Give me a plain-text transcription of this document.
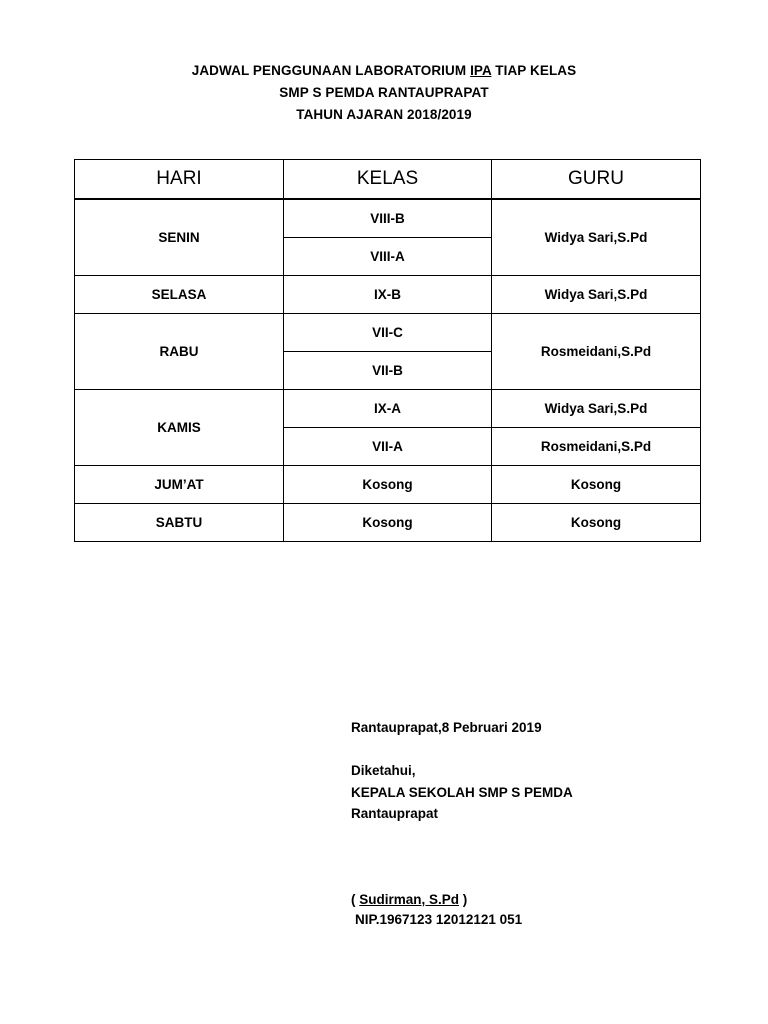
JADWAL PENGGUNAAN LABORATORIUM IPA TIAP KELAS
SMP S PEMDA RANTAUPRAPAT
TAHUN AJARAN 2018/2019
HARI	KELAS	GURU
SENIN	VIII-B	Widya Sari,S.Pd
	VIII-A	
SELASA	IX-B	Widya Sari,S.Pd
RABU	VII-C	Rosmeidani,S.Pd
	VII-B	
KAMIS	IX-A	Widya Sari,S.Pd
	VII-A	Rosmeidani,S.Pd
JUM’AT	Kosong	Kosong
SABTU	Kosong	Kosong
Rantauprapat,8 Pebruari 2019
Diketahui,
KEPALA SEKOLAH SMP S PEMDA
Rantauprapat
( Sudirman, S.Pd )
NIP.1967123 12012121 051
